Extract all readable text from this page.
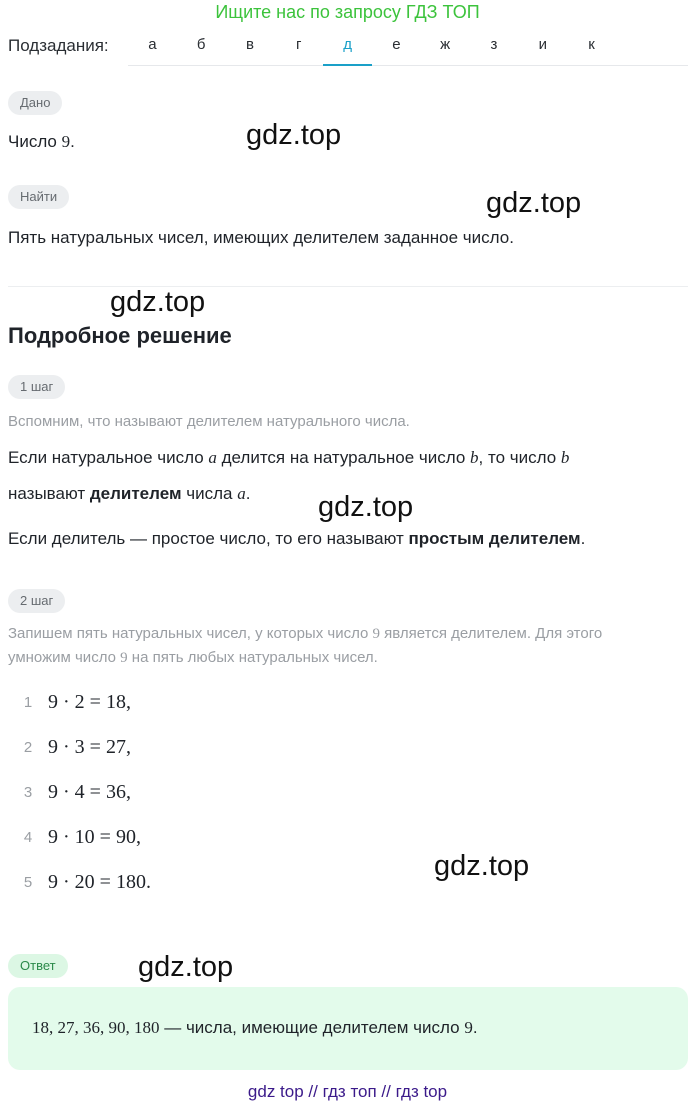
Ищите нас по запросу ГДЗ ТОП
Подзадания:	а	б	в	г	д	е	ж	з	и	к
Дано
Число 9.
Найти
Пять натуральных чисел, имеющих делителем заданное число.
Подробное решение
1 шаг
Вспомним, что называют делителем натурального числа.
Если натуральное число a делится на натуральное число b, то число b
называют делителем числа a.
Если делитель — простое число, то его называют простым делителем.
2 шаг
Запишем пять натуральных чисел, у которых число 9 является делителем. Для этого
умножим число 9 на пять любых натуральных чисел.
1 9 · 2 = 18,
2 9 · 3 = 27,
3 9 · 4 = 36,
4 9 · 10 = 90,
5 9 · 20 = 180.
Ответ
18, 27, 36, 90, 180 — числа, имеющие делителем число 9.
gdz.top
gdz.top
gdz.top
gdz.top
gdz.top
gdz.top
gdz top // гдз топ // гдз top
